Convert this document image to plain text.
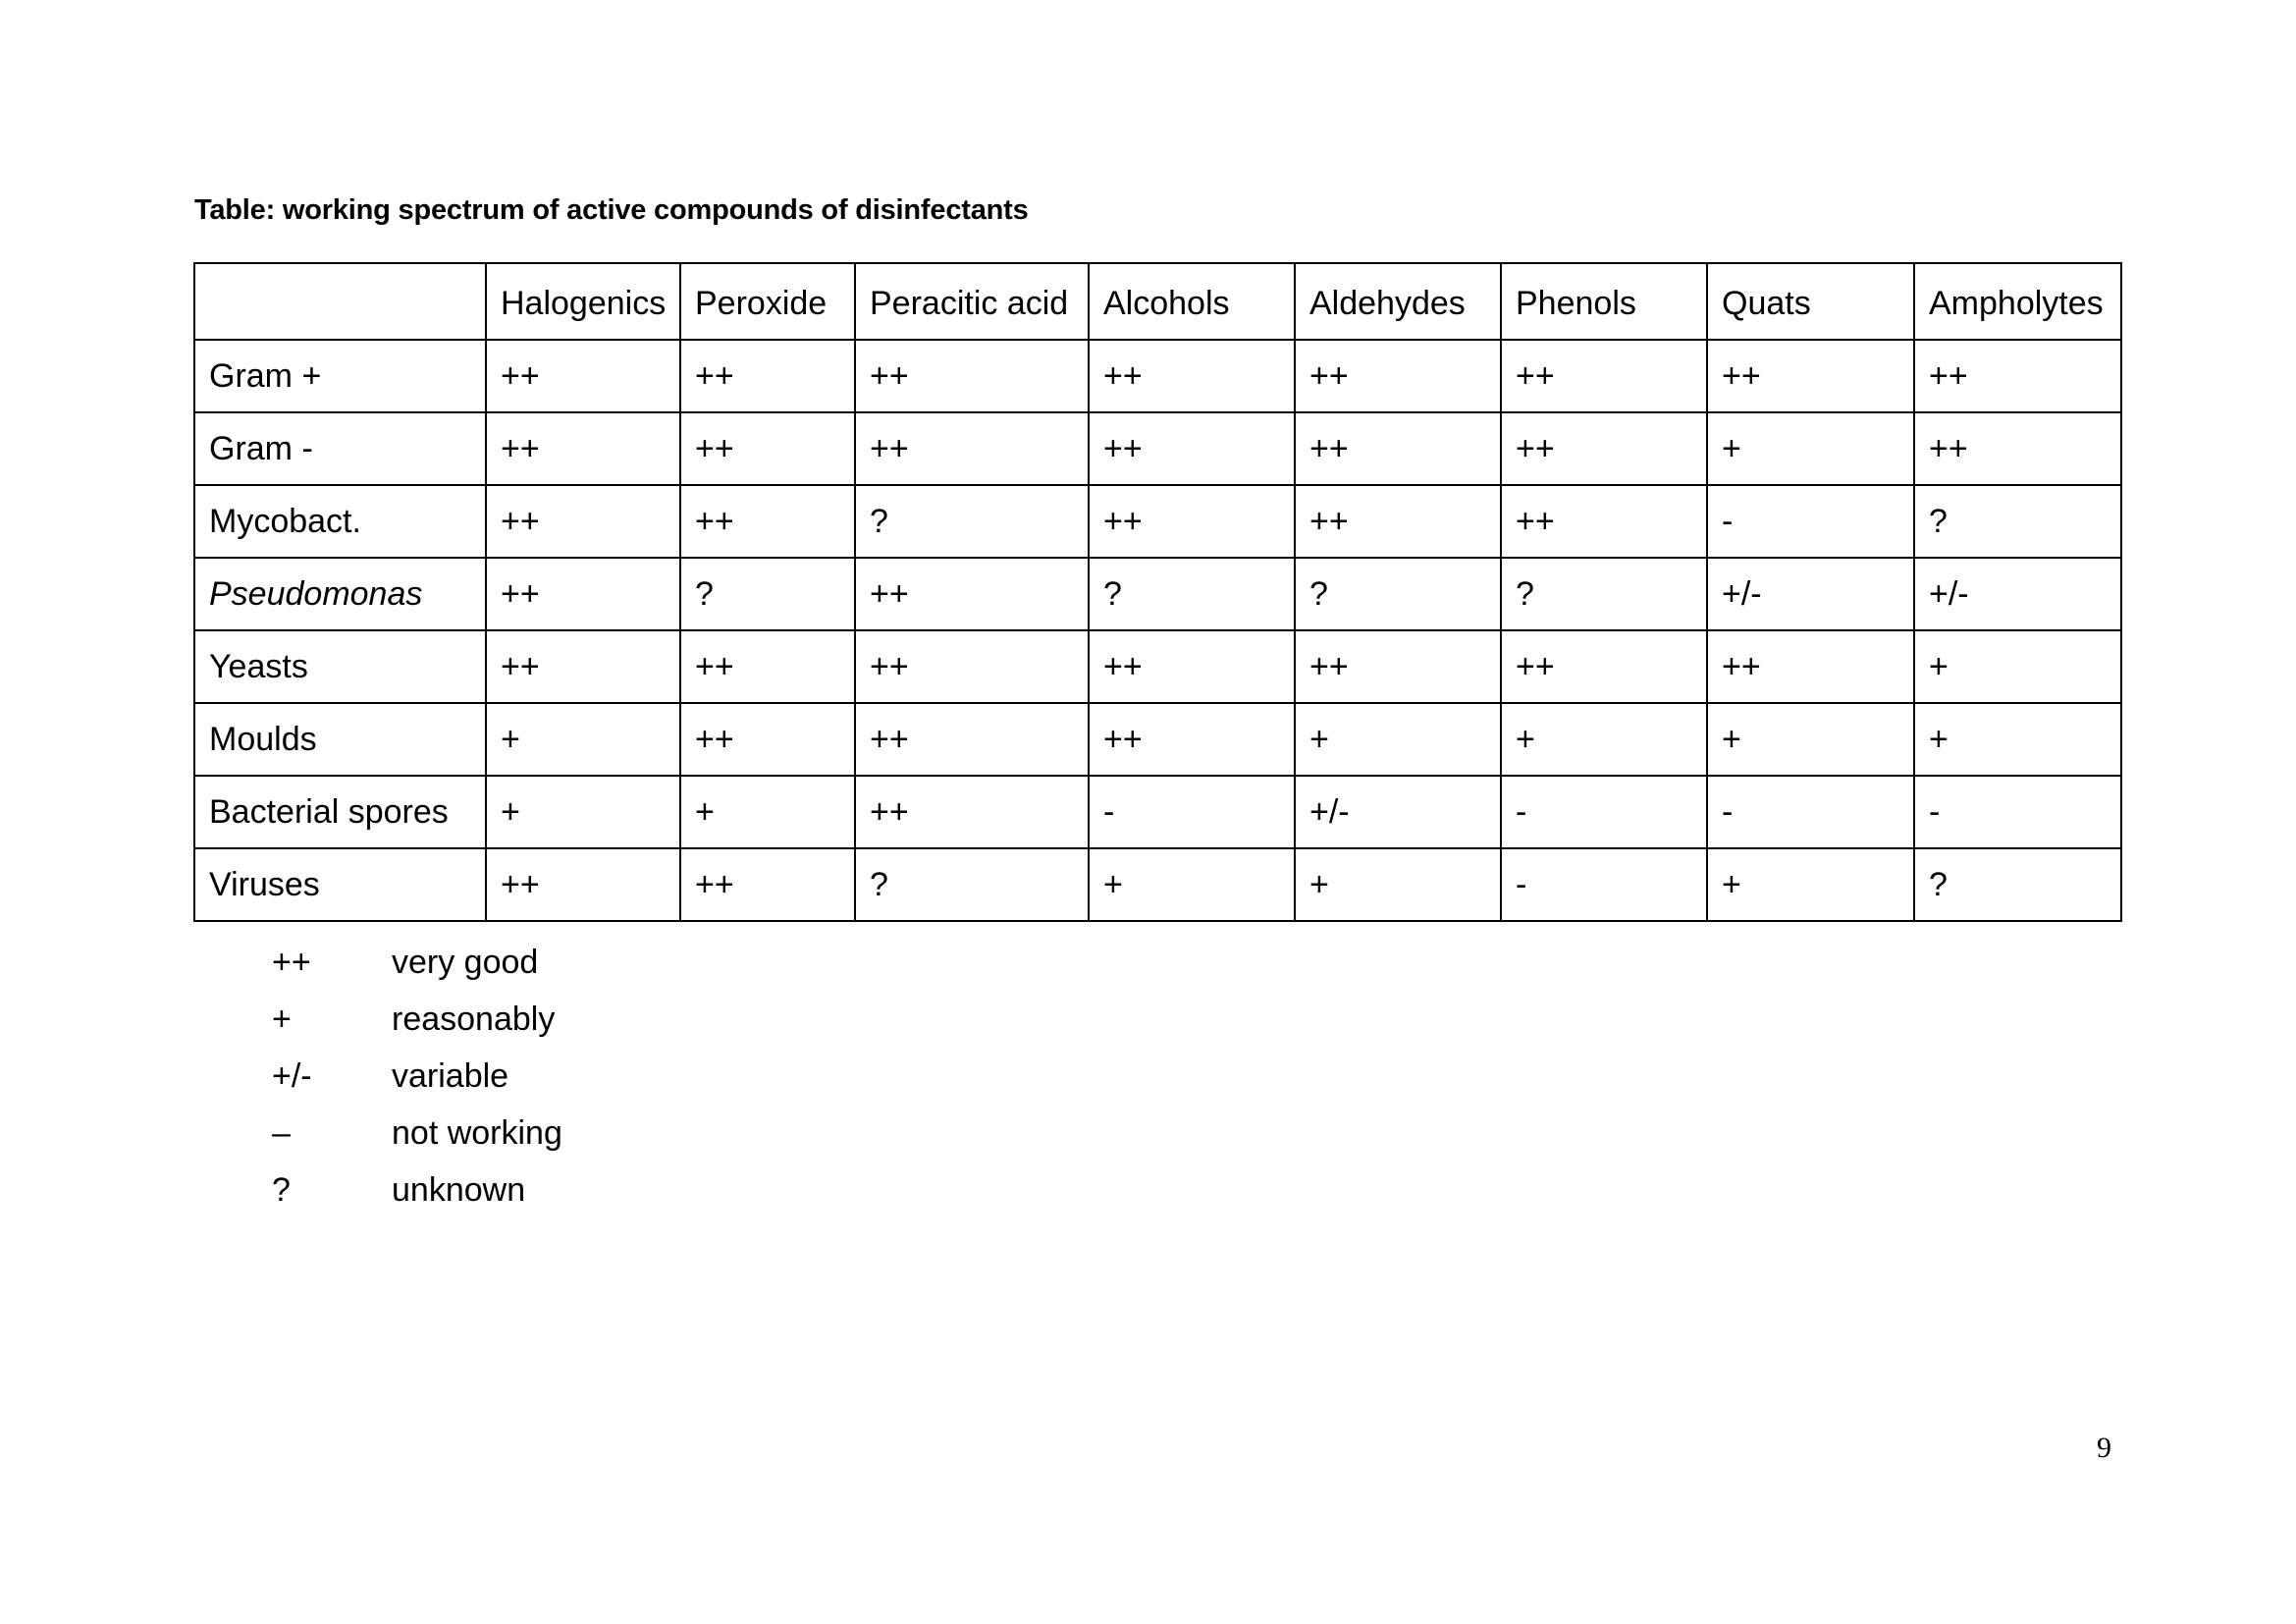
Table: working spectrum of active compounds of disinfectants
	Halogenics	Peroxide	Peracitic acid	Alcohols	Aldehydes	Phenols	Quats	Ampholytes
Gram +	++	++	++	++	++	++	++	++
Gram -	++	++	++	++	++	++	+	++
Mycobact.	++	++	?	++	++	++	-	?
Pseudomonas	++	?	++	?	?	?	+/-	+/-
Yeasts	++	++	++	++	++	++	++	+
Moulds	+	++	++	++	+	+	+	+
Bacterial spores	+	+	++	-	+/-	-	-	-
Viruses	++	++	?	+	+	-	+	?
++	very good
+	reasonably
+/-	variable
–	not working
?	unknown
9
